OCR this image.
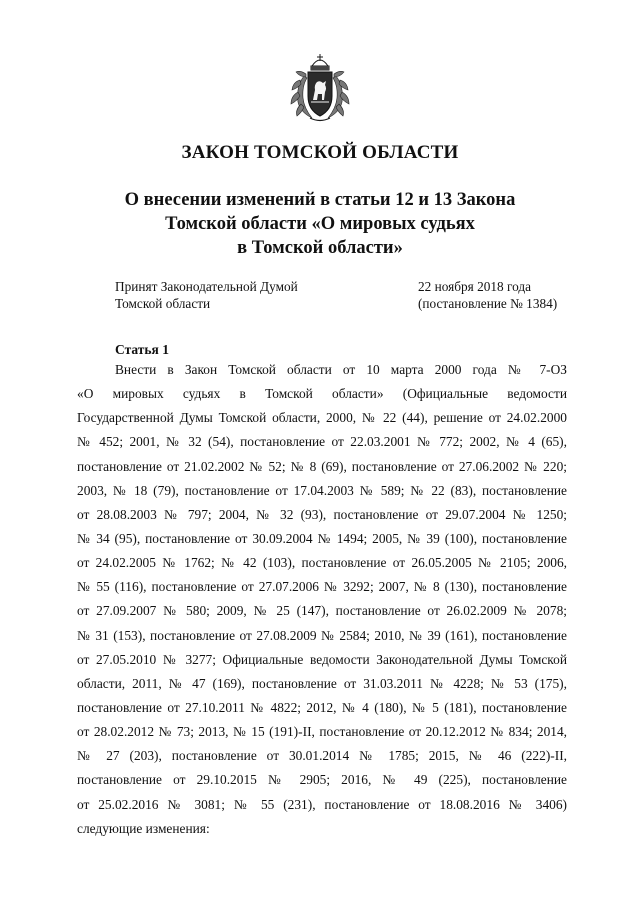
ЗАКОН ТОМСКОЙ ОБЛАСТИ
О внесении изменений в статьи 12 и 13 Закона
Томской области «О мировых судьях
в Томской области»
Принят Законодательной Думой
Томской области
22 ноября 2018 года
(постановление № 1384)
Статья 1
Внести в Закон Томской области от 10 марта 2000 года № 7-ОЗ
«О мировых судьях в Томской области» (Официальные ведомости
Государственной Думы Томской области, 2000, № 22 (44), решение от 24.02.2000
№ 452; 2001, № 32 (54), постановление от 22.03.2001 № 772; 2002, № 4 (65),
постановление от 21.02.2002 № 52; № 8 (69), постановление от 27.06.2002 № 220;
2003, № 18 (79), постановление от 17.04.2003 № 589; № 22 (83), постановление
от 28.08.2003 № 797; 2004, № 32 (93), постановление от 29.07.2004 № 1250;
№ 34 (95), постановление от 30.09.2004 № 1494; 2005, № 39 (100), постановление
от 24.02.2005 № 1762; № 42 (103), постановление от 26.05.2005 № 2105; 2006,
№ 55 (116), постановление от 27.07.2006 № 3292; 2007, № 8 (130), постановление
от 27.09.2007 № 580; 2009, № 25 (147), постановление от 26.02.2009 № 2078;
№ 31 (153), постановление от 27.08.2009 № 2584; 2010, № 39 (161), постановление
от 27.05.2010 № 3277; Официальные ведомости Законодательной Думы Томской
области, 2011, № 47 (169), постановление от 31.03.2011 № 4228; № 53 (175),
постановление от 27.10.2011 № 4822; 2012, № 4 (180), № 5 (181), постановление
от 28.02.2012 № 73; 2013, № 15 (191)-II, постановление от 20.12.2012 № 834; 2014,
№ 27 (203), постановление от 30.01.2014 № 1785; 2015, № 46 (222)-II,
постановление от 29.10.2015 № 2905; 2016, № 49 (225), постановление
от 25.02.2016 № 3081; № 55 (231), постановление от 18.08.2016 № 3406)
следующие изменения:
